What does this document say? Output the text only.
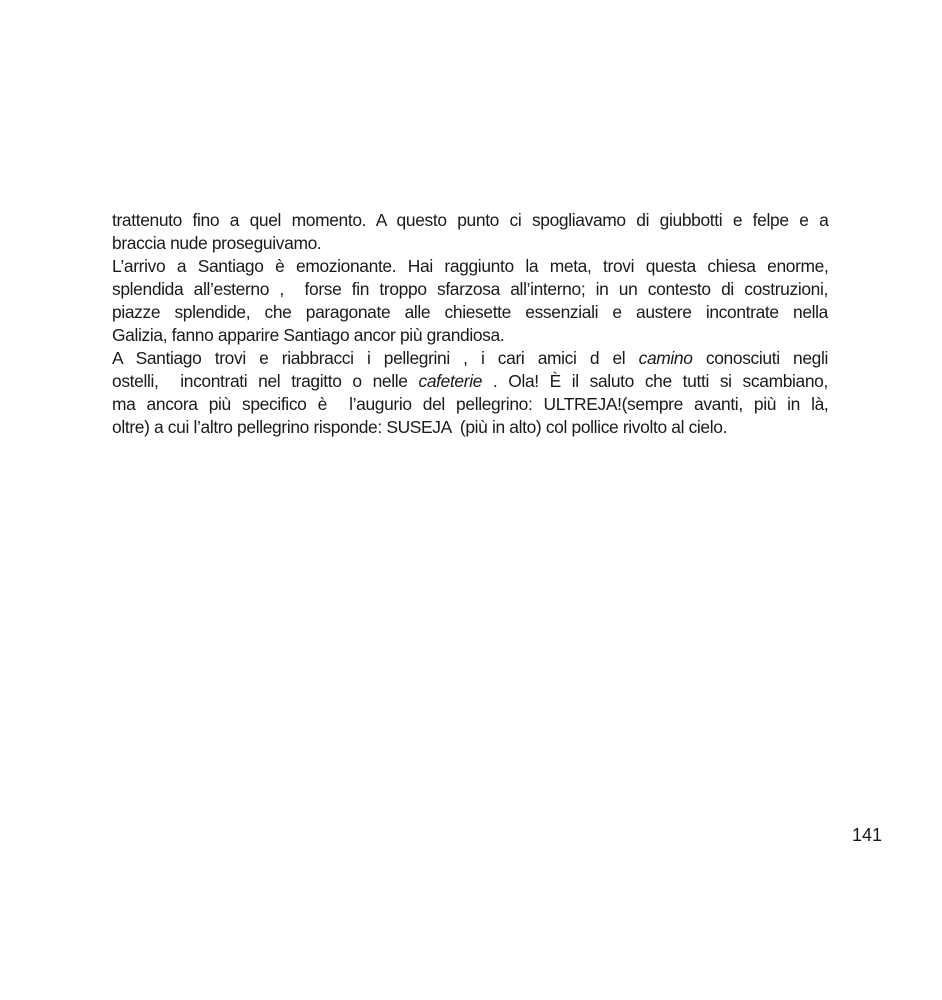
trattenuto fino a quel momento. A questo punto ci spogliavamo di giubbotti e felpe e a
braccia nude proseguivamo.
L’arrivo a Santiago è emozionante. Hai raggiunto la meta, trovi questa chiesa enorme,
splendida all’esterno ,  forse fin troppo sfarzosa all’interno; in un contesto di costruzioni,
piazze splendide, che paragonate alle chiesette essenziali e austere incontrate nella
Galizia, fanno apparire Santiago ancor più grandiosa.
A Santiago trovi e riabbracci i pellegrini , i cari amici d el camino conosciuti negli
ostelli,  incontrati nel tragitto o nelle cafeterie . Ola! È il saluto che tutti si scambiano,
ma ancora più specifico è  l’augurio del pellegrino: ULTREJA!(sempre avanti, più in là,
oltre) a cui l’altro pellegrino risponde: SUSEJA  (più in alto) col pollice rivolto al cielo.
141
